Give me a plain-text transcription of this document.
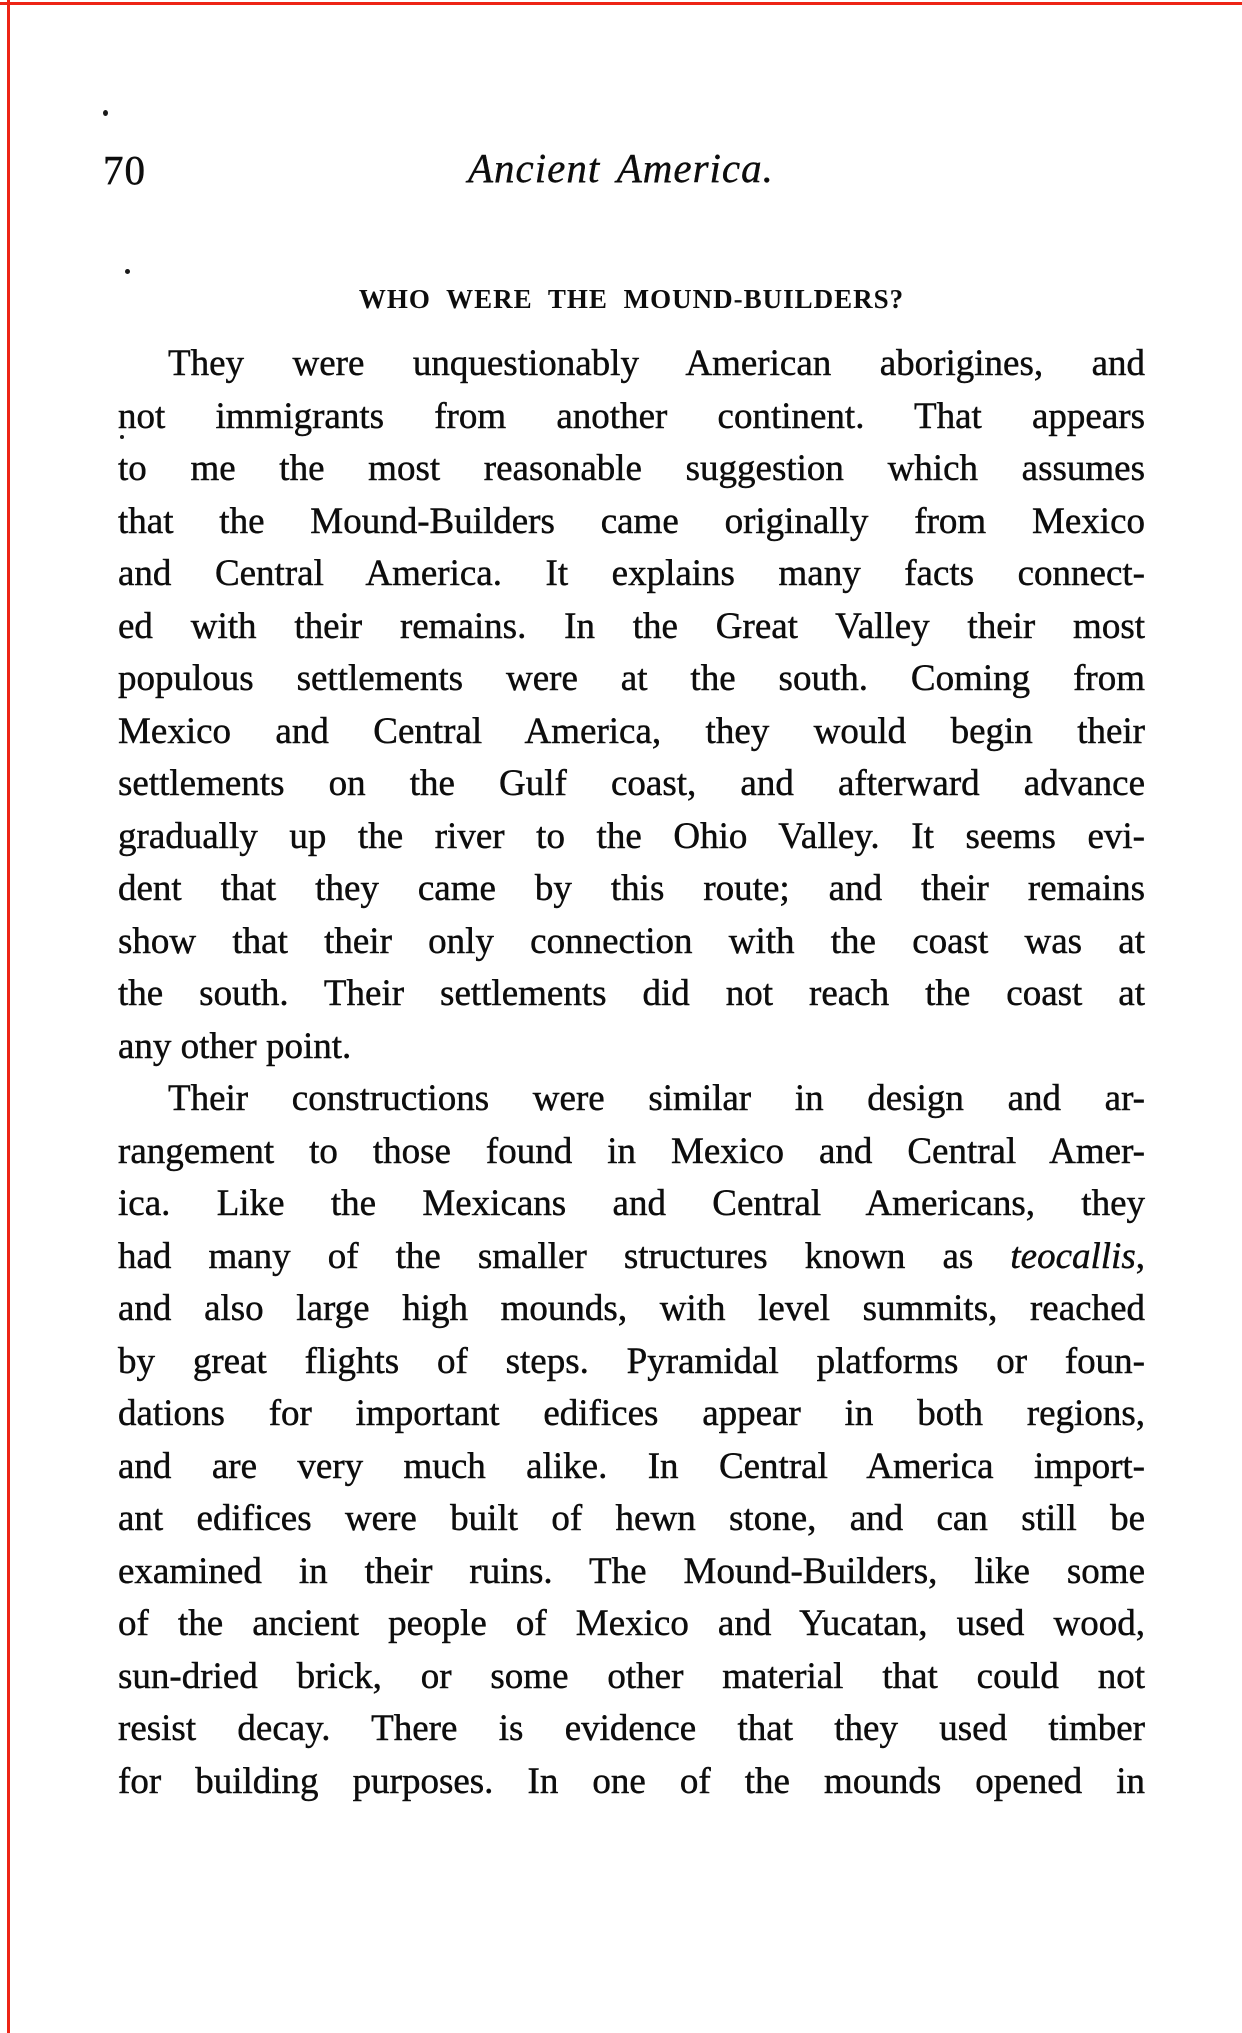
70	Ancient America.
WHO WERE THE MOUND-BUILDERS?
They were unquestionably American aborigines, and
not immigrants from another continent. That appears
to me the most reasonable suggestion which assumes
that the Mound-Builders came originally from Mexico
and Central America. It explains many facts connect-
ed with their remains. In the Great Valley their most
populous settlements were at the south. Coming from
Mexico and Central America, they would begin their
settlements on the Gulf coast, and afterward advance
gradually up the river to the Ohio Valley. It seems evi-
dent that they came by this route; and their remains
show that their only connection with the coast was at
the south. Their settlements did not reach the coast at
any other point.
Their constructions were similar in design and ar-
rangement to those found in Mexico and Central Amer-
ica. Like the Mexicans and Central Americans, they
had many of the smaller structures known as teocallis,
and also large high mounds, with level summits, reached
by great flights of steps. Pyramidal platforms or foun-
dations for important edifices appear in both regions,
and are very much alike. In Central America import-
ant edifices were built of hewn stone, and can still be
examined in their ruins. The Mound-Builders, like some
of the ancient people of Mexico and Yucatan, used wood,
sun-dried brick, or some other material that could not
resist decay. There is evidence that they used timber
for building purposes. In one of the mounds opened in
